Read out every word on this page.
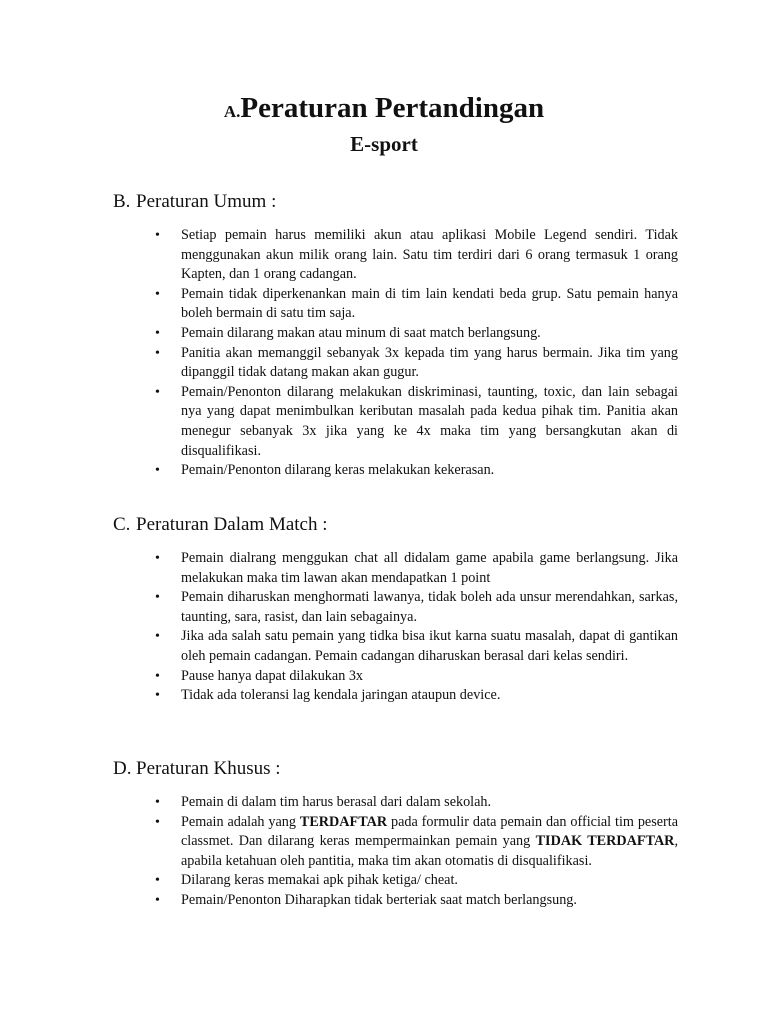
A.Peraturan Pertandingan
E-sport
B. Peraturan Umum :
• Setiap pemain harus memiliki akun atau aplikasi Mobile Legend sendiri. Tidak menggunakan akun milik orang lain. Satu tim terdiri dari 6 orang termasuk 1 orang Kapten, dan 1 orang cadangan.
• Pemain tidak diperkenankan main di tim lain kendati beda grup. Satu pemain hanya boleh bermain di satu tim saja.
• Pemain dilarang makan atau minum di saat match berlangsung.
• Panitia akan memanggil sebanyak 3x kepada tim yang harus bermain. Jika tim yang dipanggil tidak datang makan akan gugur.
• Pemain/Penonton dilarang melakukan diskriminasi, taunting, toxic, dan lain sebagai nya yang dapat menimbulkan keributan masalah pada kedua pihak tim. Panitia akan menegur sebanyak 3x jika yang ke 4x maka tim yang bersangkutan akan di disqualifikasi.
• Pemain/Penonton dilarang keras melakukan kekerasan.
C. Peraturan Dalam Match :
• Pemain dialrang menggukan chat all didalam game apabila game berlangsung. Jika melakukan maka tim lawan akan mendapatkan 1 point
• Pemain diharuskan menghormati lawanya, tidak boleh ada unsur merendahkan, sarkas, taunting, sara, rasist, dan lain sebagainya.
• Jika ada salah satu pemain yang tidka bisa ikut karna suatu masalah, dapat di gantikan oleh pemain cadangan. Pemain cadangan diharuskan berasal dari kelas sendiri.
• Pause hanya dapat dilakukan 3x
• Tidak ada toleransi lag kendala jaringan ataupun device.
D. Peraturan Khusus :
• Pemain di dalam tim harus berasal dari dalam sekolah.
• Pemain adalah yang TERDAFTAR pada formulir data pemain dan official tim peserta classmet. Dan dilarang keras mempermainkan pemain yang TIDAK TERDAFTAR, apabila ketahuan oleh pantitia, maka tim akan otomatis di disqualifikasi.
• Dilarang keras memakai apk pihak ketiga/ cheat.
• Pemain/Penonton Diharapkan tidak berteriak saat match berlangsung.
